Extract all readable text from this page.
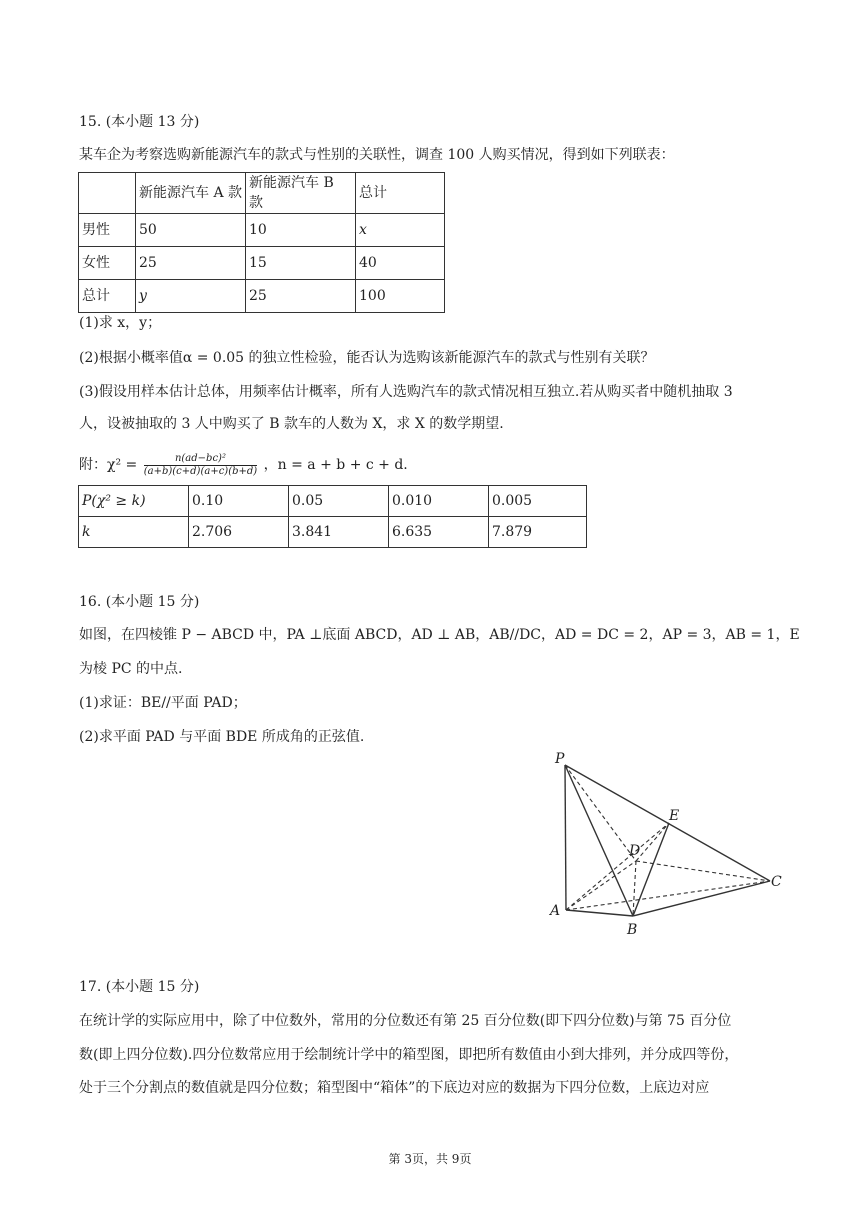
15. (本小题 13 分)
某车企为考察选购新能源汽车的款式与性别的关联性，调查 100 人购买情况，得到如下列联表：
	新能源汽车 A 款	新能源汽车 B 款	总计
男性	50	10	x
女性	25	15	40
总计	y	25	100
(1)求 x，y；
(2)根据小概率值α = 0.05 的独立性检验，能否认为选购该新能源汽车的款式与性别有关联？
(3)假设用样本估计总体，用频率估计概率，所有人选购汽车的款式情况相互独立.若从购买者中随机抽取 3
人，设被抽取的 3 人中购买了 B 款车的人数为 X，求 X 的数学期望.
附：$\chi^2 = \frac{\text{n(ad−bc)²}}{(a+b)(c+d)(a+c)(b+d)}$ ，n = a + b + c + d.
P(χ² ≥ k)	0.10	0.05	0.010	0.005
k	2.706	3.841	6.635	7.879
16. (本小题 15 分)
如图，在四棱锥 P − ABCD 中，PA ⊥底面 ABCD，AD ⊥ AB，AB//DC，AD = DC = 2，AP = 3，AB = 1，E
为棱 PC 的中点.
(1)求证：BE//平面 PAD；
(2)求平面 PAD 与平面 BDE 所成角的正弦值.
P
E
D
C
A
B
17. (本小题 15 分)
在统计学的实际应用中，除了中位数外，常用的分位数还有第 25 百分位数(即下四分位数)与第 75 百分位
数(即上四分位数).四分位数常应用于绘制统计学中的箱型图，即把所有数值由小到大排列，并分成四等份，
处于三个分割点的数值就是四分位数；箱型图中“箱体”的下底边对应的数据为下四分位数，上底边对应
第 3页，共 9页
